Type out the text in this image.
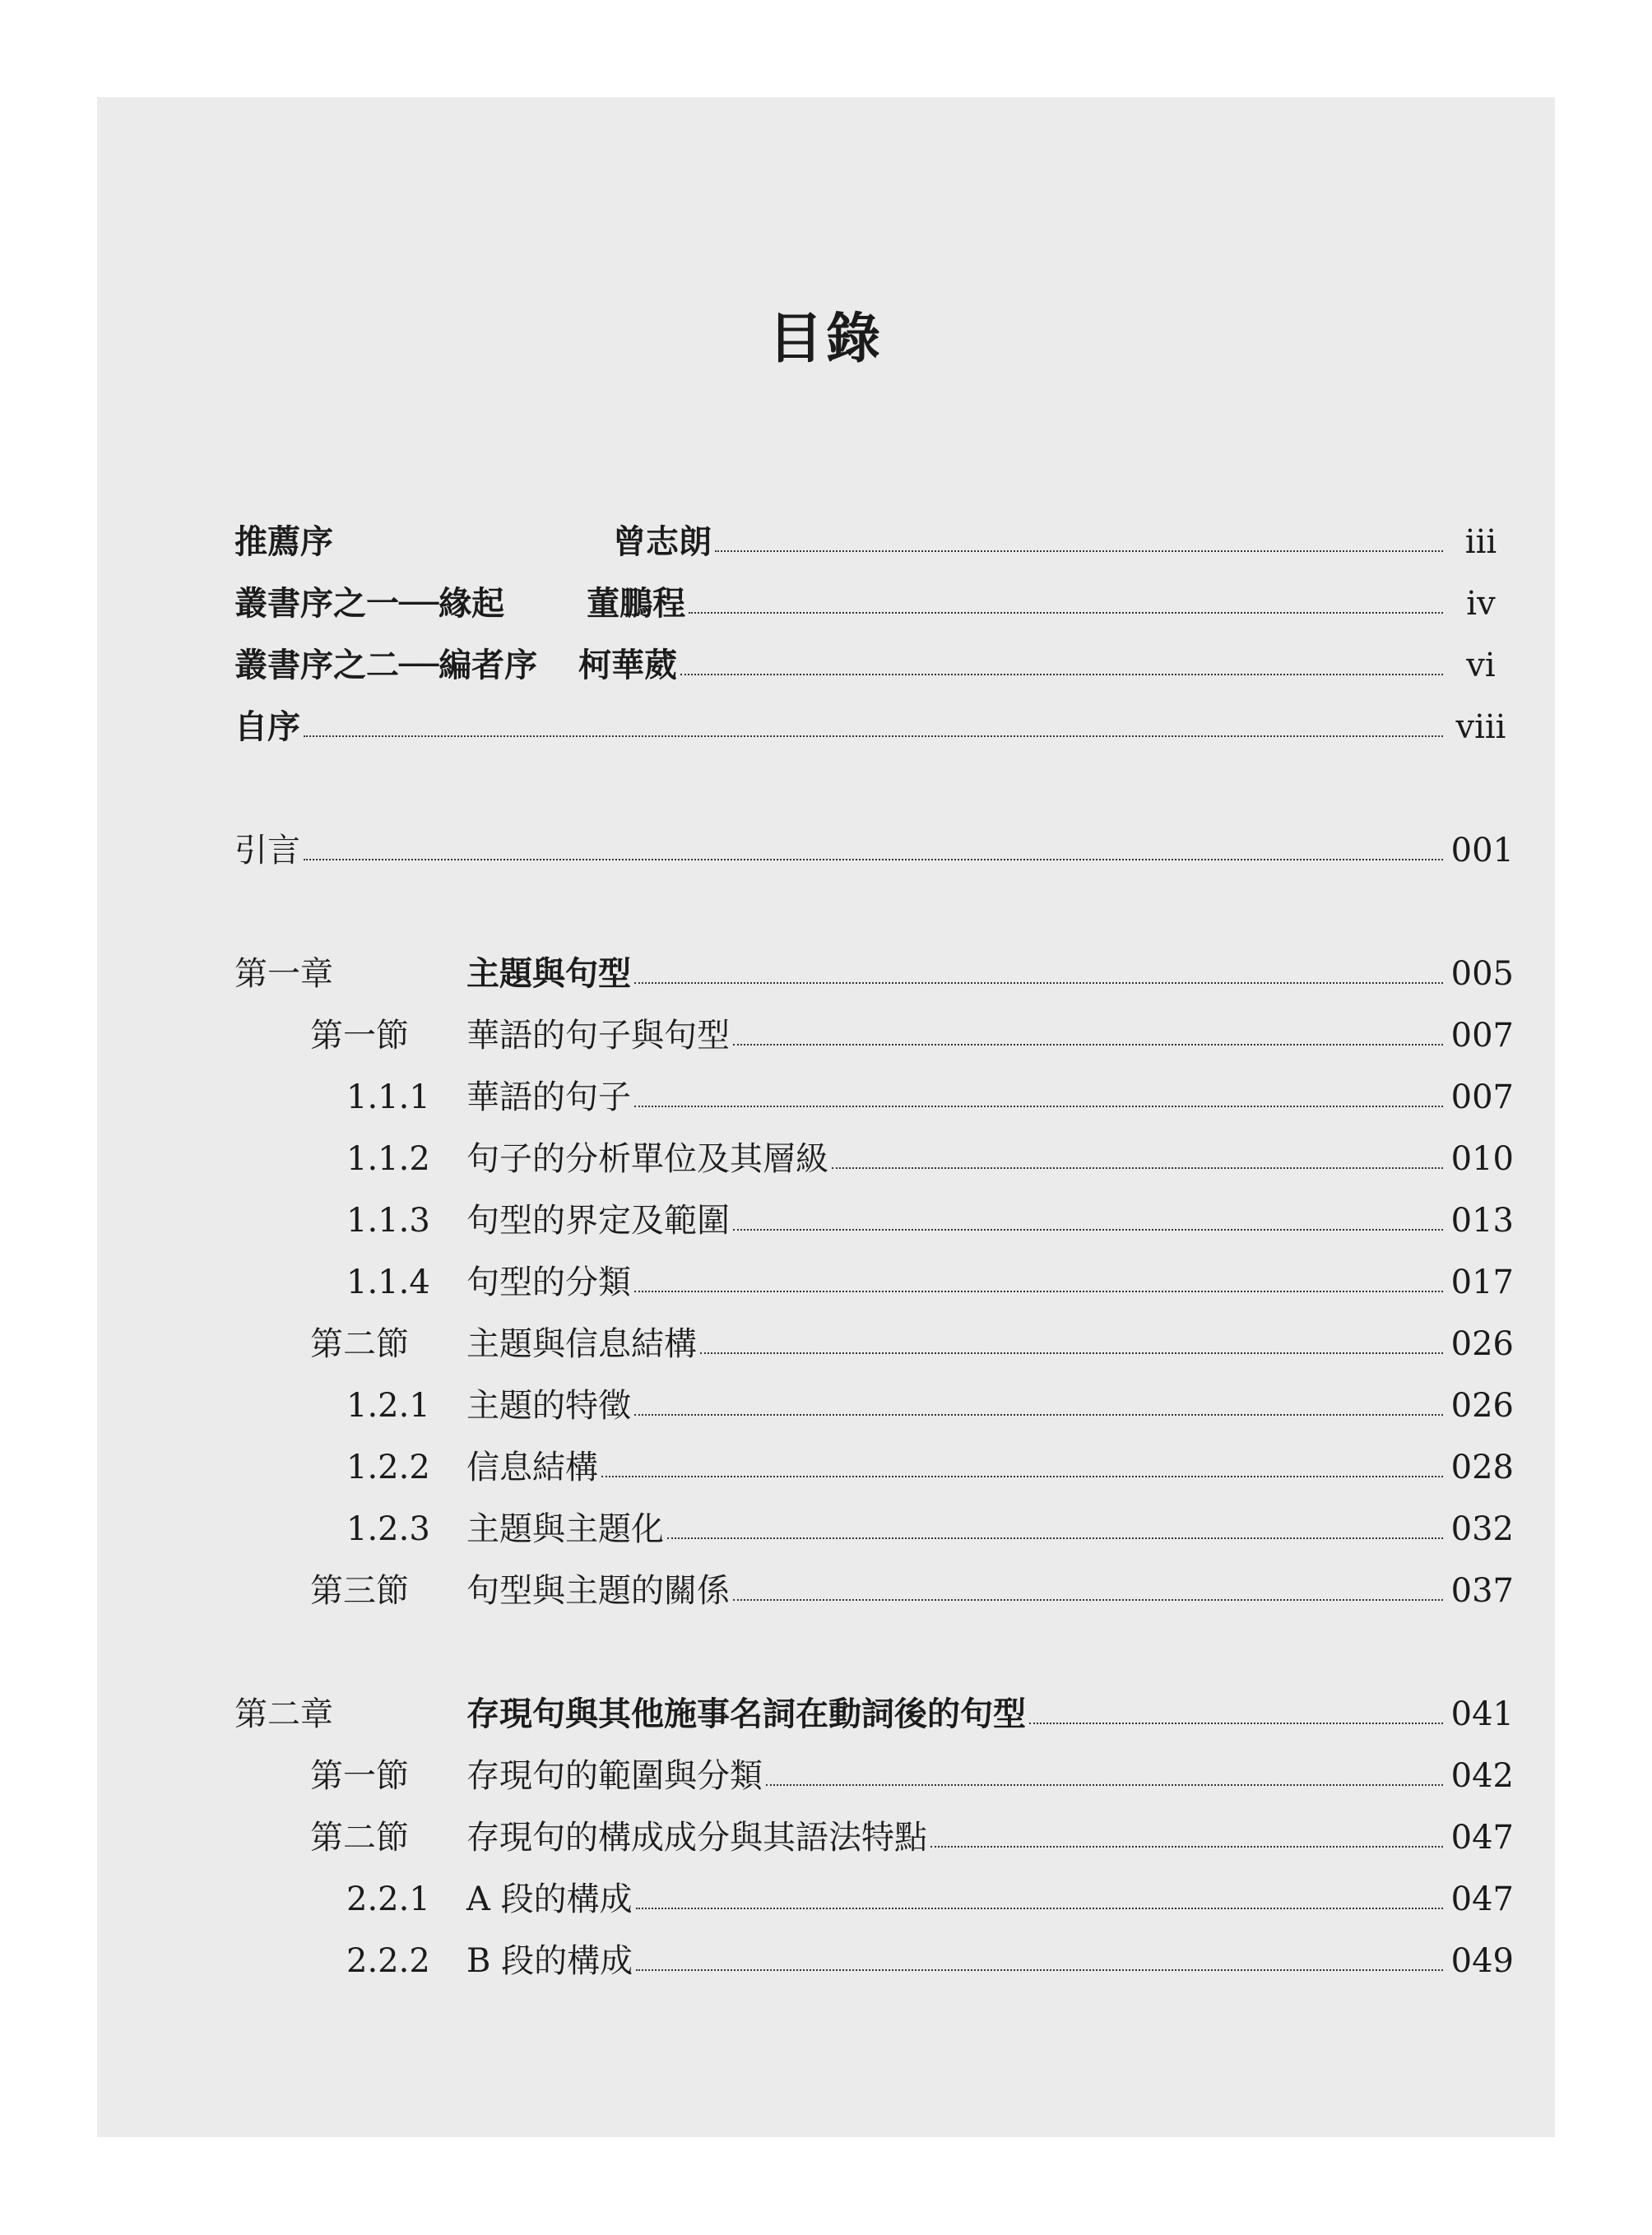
目錄
推薦序	曾志朗	iii
叢書序之一──緣起	董鵬程	iv
叢書序之二──編者序 柯華葳	vi
自序	viii
引言	001
第一章	主題與句型	005
第一節	華語的句子與句型	007
1.1.1	華語的句子	007
1.1.2	句子的分析單位及其層級	010
1.1.3	句型的界定及範圍	013
1.1.4	句型的分類	017
第二節	主題與信息結構	026
1.2.1	主題的特徵	026
1.2.2	信息結構	028
1.2.3	主題與主題化	032
第三節	句型與主題的關係	037
第二章	存現句與其他施事名詞在動詞後的句型	041
第一節	存現句的範圍與分類	042
第二節	存現句的構成成分與其語法特點	047
2.2.1	A 段的構成	047
2.2.2	B 段的構成	049
